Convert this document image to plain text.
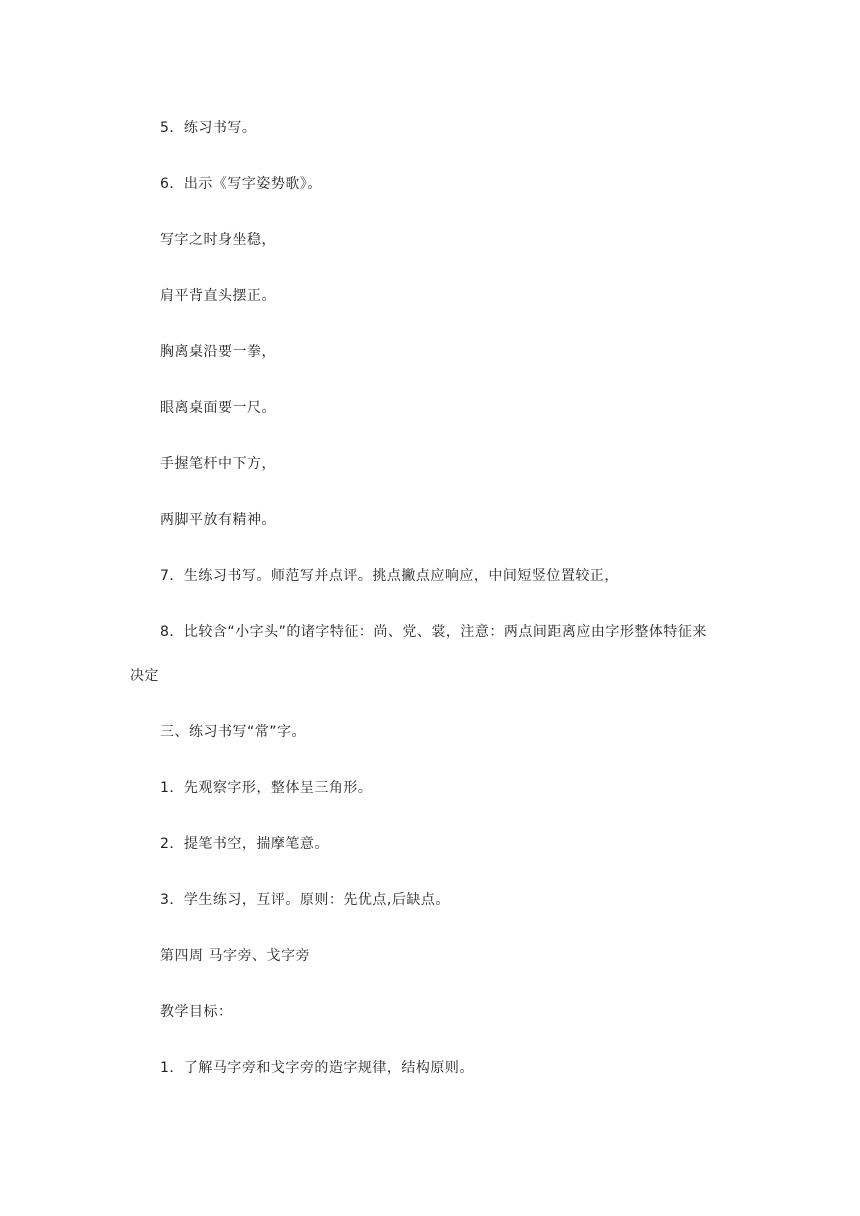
5．练习书写。
6．出示《写字姿势歌》。
写字之时身坐稳，
肩平背直头摆正。
胸离桌沿要一拳，
眼离桌面要一尺。
手握笔杆中下方，
两脚平放有精神。
7．生练习书写。师范写并点评。挑点撇点应响应，中间短竖位置较正，
8．比较含“小字头”的诸字特征：尚、党、裳，注意：两点间距离应由字形整体特征来
决定
三、练习书写“常”字。
1．先观察字形，整体呈三角形。
2．提笔书空，揣摩笔意。
3．学生练习，互评。原则：先优点,后缺点。
第四周 马字旁、戈字旁
教学目标：
1．了解马字旁和戈字旁的造字规律，结构原则。
